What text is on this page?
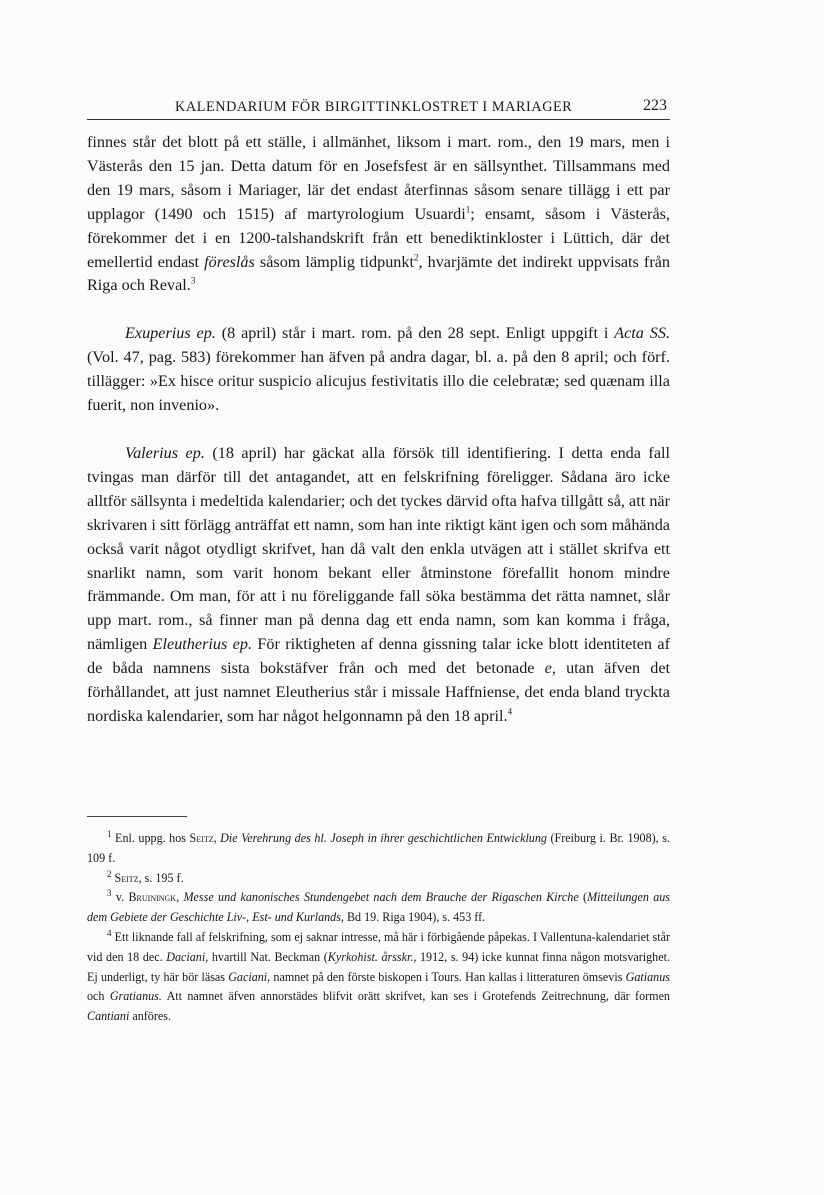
KALENDARIUM FÖR BIRGITTINKLOSTRET I MARIAGER	223

finnes står det blott på ett ställe, i allmänhet, liksom i mart. rom., den 19 mars, men i Västerås den 15 jan. Detta datum för en Josefsfest är en sällsynthet. Tillsammans med den 19 mars, såsom i Mariager, lär det endast återfinnas såsom senare tillägg i ett par upplagor (1490 och 1515) af martyrologium Usuardi$^1$; ensamt, såsom i Västerås, förekommer det i en 1200-talshandskrift från ett benediktinkloster i Lüttich, där det emellertid endast föreslås såsom lämplig tidpunkt$^2$, hvarjämte det indirekt uppvisats från Riga och Reval.$^3$

Exuperius ep. (8 april) står i mart. rom. på den 28 sept. Enligt uppgift i Acta SS. (Vol. 47, pag. 583) förekommer han äfven på andra dagar, bl. a. på den 8 april; och förf. tillägger: »Ex hisce oritur suspicio alicujus festivitatis illo die celebratæ; sed quænam illa fuerit, non invenio».

Valerius ep. (18 april) har gäckat alla försök till identifiering. I detta enda fall tvingas man därför till det antagandet, att en felskrifning föreligger. Sådana äro icke alltför sällsynta i medeltida kalendarier; och det tyckes därvid ofta hafva tillgått så, att när skrivaren i sitt förlägg anträffat ett namn, som han inte riktigt känt igen och som måhända också varit något otydligt skrifvet, han då valt den enkla utvägen att i stället skrifva ett snarlikt namn, som varit honom bekant eller åtminstone förefallit honom mindre främmande. Om man, för att i nu föreliggande fall söka bestämma det rätta namnet, slår upp mart. rom., så finner man på denna dag ett enda namn, som kan komma i fråga, nämligen Eleutherius ep. För riktigheten af denna gissning talar icke blott identiteten af de båda namnens sista bokstäfver från och med det betonade e, utan äfven det förhållandet, att just namnet Eleutherius står i missale Haffniense, det enda bland tryckta nordiska kalendarier, som har något helgonnamn på den 18 april.$^4$

$^1$ Enl. uppg. hos Seitz, Die Verehrung des hl. Joseph in ihrer geschichtlichen Entwicklung (Freiburg i. Br. 1908), s. 109 f.

$^2$ Seitz, s. 195 f.

$^3$ v. Bruiningk, Messe und kanonisches Stundengebet nach dem Brauche der Rigaschen Kirche (Mitteilungen aus dem Gebiete der Geschichte Liv-, Est- und Kurlands, Bd 19. Riga 1904), s. 453 ff.

$^4$ Ett liknande fall af felskrifning, som ej saknar intresse, må här i förbigående påpekas. I Vallentuna-kalendariet står vid den 18 dec. Daciani, hvartill Nat. Beckman (Kyrkohist. årsskr., 1912, s. 94) icke kunnat finna någon motsvarighet. Ej underligt, ty här bör läsas Gaciani, namnet på den förste biskopen i Tours. Han kallas i litteraturen ömsevis Gatianus och Gratianus. Att namnet äfven annorstädes blifvit orätt skrifvet, kan ses i Grotefends Zeitrechnung, där formen Cantiani anföres.
